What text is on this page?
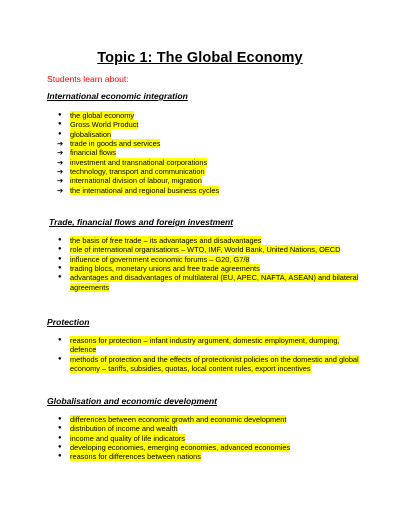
Topic 1: The Global Economy
Students learn about:
International economic integration
● the global economy
● Gross World Product
● globalisation
➔ trade in goods and services
➔ financial flows
➔ investment and transnational corporations
➔ technology, transport and communication
➔ international division of labour, migration
➔ the international and regional business cycles
Trade, financial flows and foreign investment
● the basis of free trade – its advantages and disadvantages
● role of international organisations – WTO, IMF, World Bank, United Nations, OECD
● influence of government economic forums – G20, G7/8
● trading blocs, monetary unions and free trade agreements
● advantages and disadvantages of multilateral (EU, APEC, NAFTA, ASEAN) and bilateral agreements
Protection
● reasons for protection – infant industry argument, domestic employment, dumping, defence
● methods of protection and the effects of protectionist policies on the domestic and global economy – tariffs, subsidies, quotas, local content rules, export incentives
Globalisation and economic development
● differences between economic growth and economic development
● distribution of income and wealth
● income and quality of life indicators
● developing economies, emerging economies, advanced economies
● reasons for differences between nations
